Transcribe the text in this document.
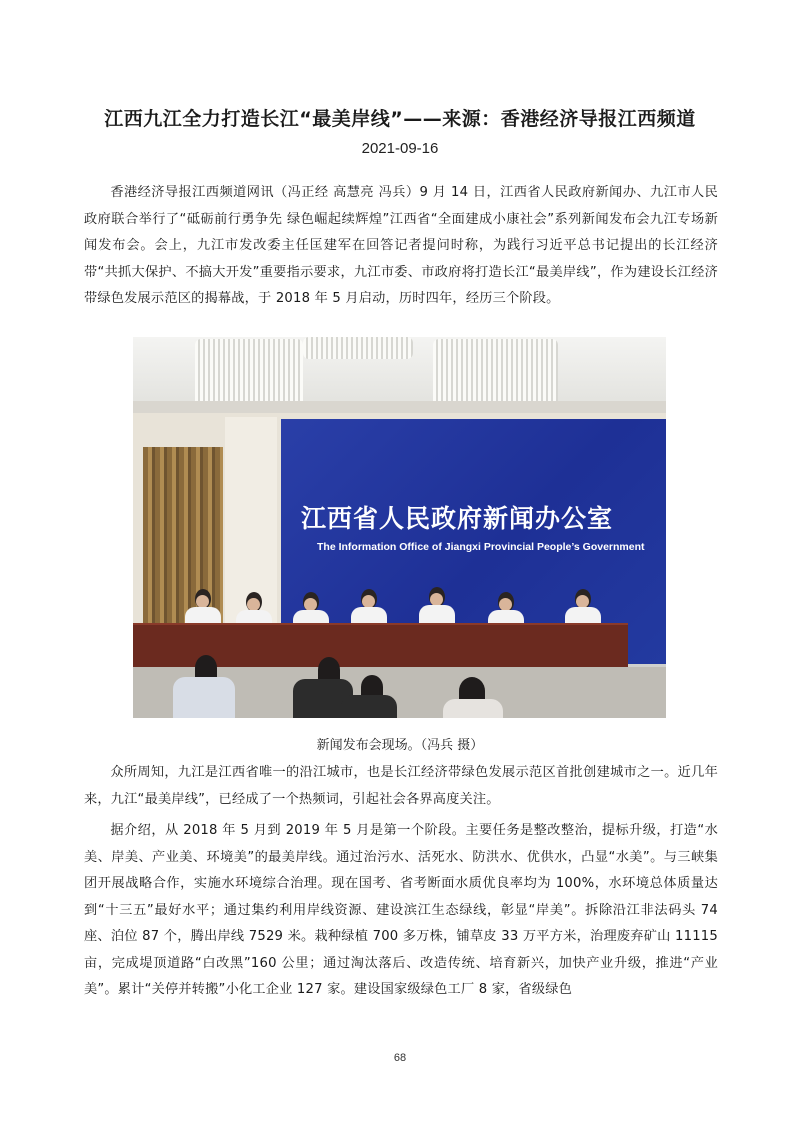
江西九江全力打造长江“最美岸线”——来源：香港经济导报江西频道
2021-09-16

香港经济导报江西频道网讯（冯正经 高慧亮 冯兵）9 月 14 日，江西省人民政府新闻办、九江市人民政府联合举行了“砥砺前行勇争先 绿色崛起续辉煌”江西省“全面建成小康社会”系列新闻发布会九江专场新闻发布会。会上，九江市发改委主任匡建军在回答记者提问时称，为践行习近平总书记提出的长江经济带“共抓大保护、不搞大开发”重要指示要求，九江市委、市政府将打造长江“最美岸线”，作为建设长江经济带绿色发展示范区的揭幕战，于 2018 年 5 月启动，历时四年，经历三个阶段。

江西省人民政府新闻办公室
The Information Office of Jiangxi Provincial People’s Government
新闻发布会现场。（冯兵 摄）

众所周知，九江是江西省唯一的沿江城市，也是长江经济带绿色发展示范区首批创建城市之一。近几年来，九江“最美岸线”，已经成了一个热频词，引起社会各界高度关注。

据介绍，从 2018 年 5 月到 2019 年 5 月是第一个阶段。主要任务是整改整治，提标升级，打造“水美、岸美、产业美、环境美”的最美岸线。通过治污水、活死水、防洪水、优供水，凸显“水美”。与三峡集团开展战略合作，实施水环境综合治理。现在国考、省考断面水质优良率均为 100%，水环境总体质量达到“十三五”最好水平；通过集约利用岸线资源、建设滨江生态绿线，彰显“岸美”。拆除沿江非法码头 74 座、泊位 87 个，腾出岸线 7529 米。栽种绿植 700 多万株，铺草皮 33 万平方米，治理废弃矿山 11115 亩，完成堤顶道路“白改黑”160 公里；通过淘汰落后、改造传统、培育新兴，加快产业升级，推进“产业美”。累计“关停并转搬”小化工企业 127 家。建设国家级绿色工厂 8 家，省级绿色

68
